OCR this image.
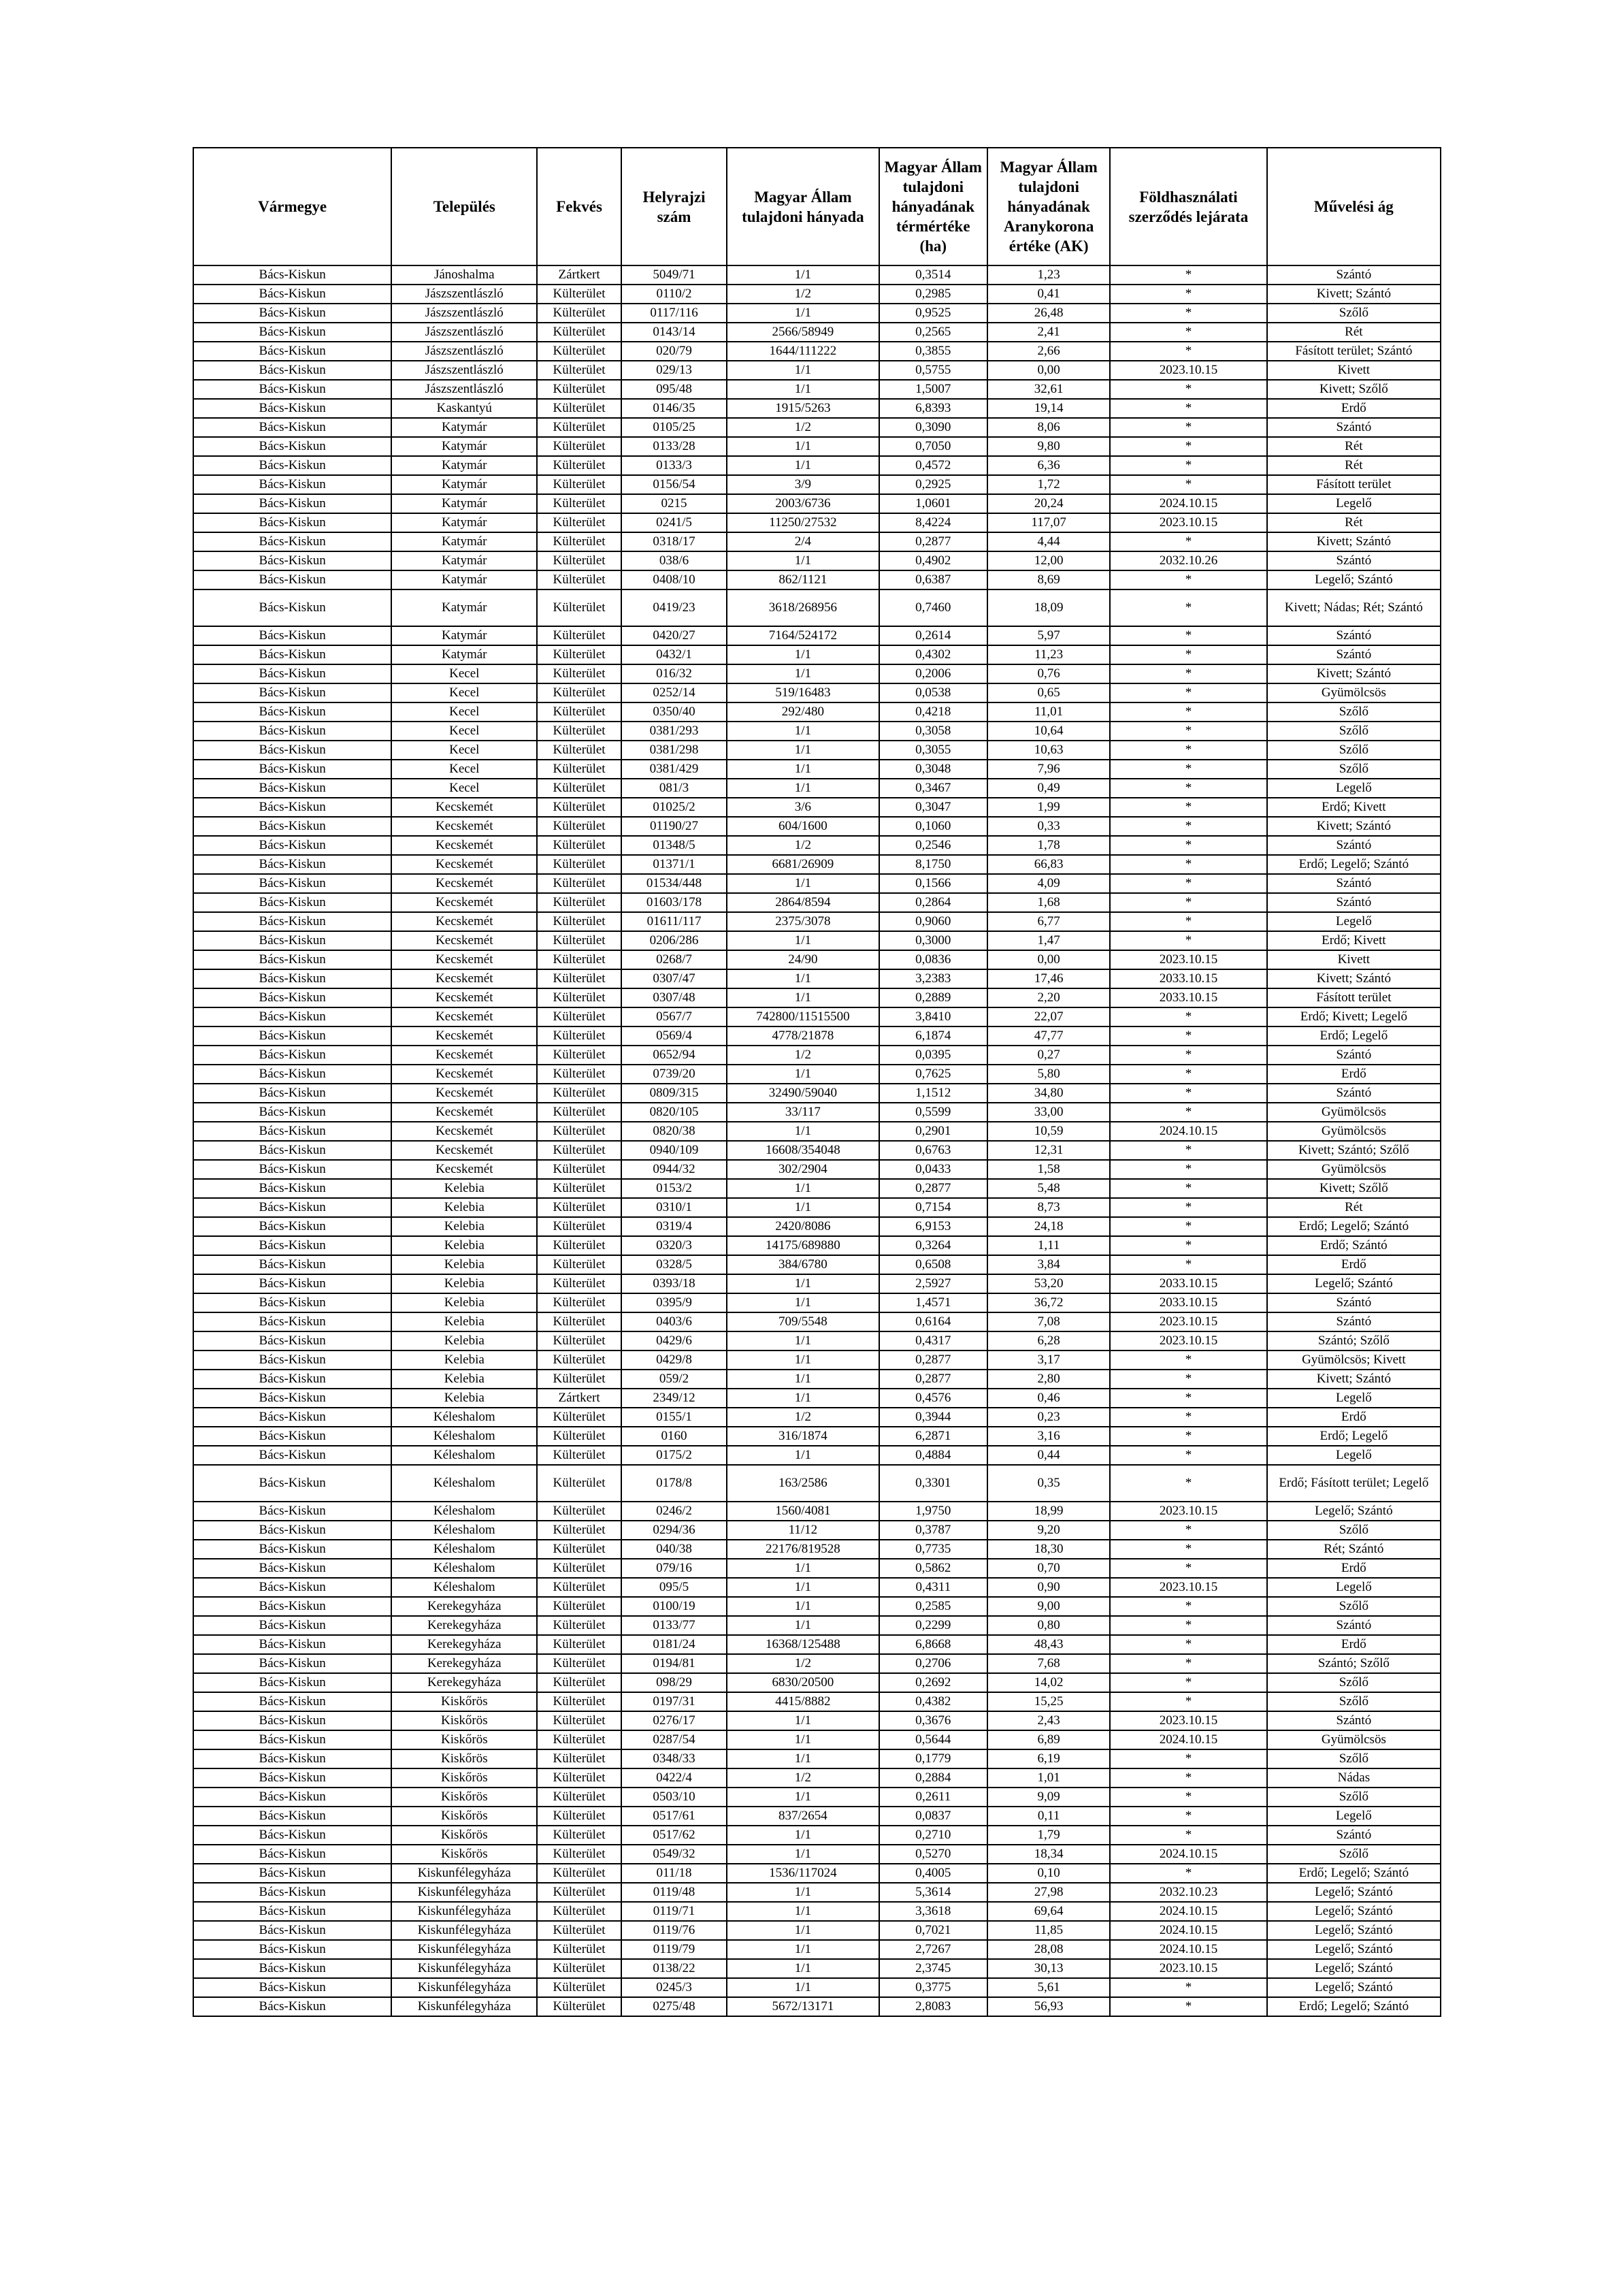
Vármegye	Település	Fekvés	Helyrajzi szám	Magyar Állam tulajdoni hányada	Magyar Állam tulajdoni hányadának térmértéke (ha)	Magyar Állam tulajdoni hányadának Aranykorona értéke (AK)	Földhasználati szerződés lejárata	Művelési ág
Bács-Kiskun	Jánoshalma	Zártkert	5049/71	1/1	0,3514	1,23	*	Szántó
Bács-Kiskun	Jászszentlászló	Külterület	0110/2	1/2	0,2985	0,41	*	Kivett; Szántó
Bács-Kiskun	Jászszentlászló	Külterület	0117/116	1/1	0,9525	26,48	*	Szőlő
Bács-Kiskun	Jászszentlászló	Külterület	0143/14	2566/58949	0,2565	2,41	*	Rét
Bács-Kiskun	Jászszentlászló	Külterület	020/79	1644/111222	0,3855	2,66	*	Fásított terület; Szántó
Bács-Kiskun	Jászszentlászló	Külterület	029/13	1/1	0,5755	0,00	2023.10.15	Kivett
Bács-Kiskun	Jászszentlászló	Külterület	095/48	1/1	1,5007	32,61	*	Kivett; Szőlő
Bács-Kiskun	Kaskantyú	Külterület	0146/35	1915/5263	6,8393	19,14	*	Erdő
Bács-Kiskun	Katymár	Külterület	0105/25	1/2	0,3090	8,06	*	Szántó
Bács-Kiskun	Katymár	Külterület	0133/28	1/1	0,7050	9,80	*	Rét
Bács-Kiskun	Katymár	Külterület	0133/3	1/1	0,4572	6,36	*	Rét
Bács-Kiskun	Katymár	Külterület	0156/54	3/9	0,2925	1,72	*	Fásított terület
Bács-Kiskun	Katymár	Külterület	0215	2003/6736	1,0601	20,24	2024.10.15	Legelő
Bács-Kiskun	Katymár	Külterület	0241/5	11250/27532	8,4224	117,07	2023.10.15	Rét
Bács-Kiskun	Katymár	Külterület	0318/17	2/4	0,2877	4,44	*	Kivett; Szántó
Bács-Kiskun	Katymár	Külterület	038/6	1/1	0,4902	12,00	2032.10.26	Szántó
Bács-Kiskun	Katymár	Külterület	0408/10	862/1121	0,6387	8,69	*	Legelő; Szántó
Bács-Kiskun	Katymár	Külterület	0419/23	3618/268956	0,7460	18,09	*	Kivett; Nádas; Rét; Szántó
Bács-Kiskun	Katymár	Külterület	0420/27	7164/524172	0,2614	5,97	*	Szántó
Bács-Kiskun	Katymár	Külterület	0432/1	1/1	0,4302	11,23	*	Szántó
Bács-Kiskun	Kecel	Külterület	016/32	1/1	0,2006	0,76	*	Kivett; Szántó
Bács-Kiskun	Kecel	Külterület	0252/14	519/16483	0,0538	0,65	*	Gyümölcsös
Bács-Kiskun	Kecel	Külterület	0350/40	292/480	0,4218	11,01	*	Szőlő
Bács-Kiskun	Kecel	Külterület	0381/293	1/1	0,3058	10,64	*	Szőlő
Bács-Kiskun	Kecel	Külterület	0381/298	1/1	0,3055	10,63	*	Szőlő
Bács-Kiskun	Kecel	Külterület	0381/429	1/1	0,3048	7,96	*	Szőlő
Bács-Kiskun	Kecel	Külterület	081/3	1/1	0,3467	0,49	*	Legelő
Bács-Kiskun	Kecskemét	Külterület	01025/2	3/6	0,3047	1,99	*	Erdő; Kivett
Bács-Kiskun	Kecskemét	Külterület	01190/27	604/1600	0,1060	0,33	*	Kivett; Szántó
Bács-Kiskun	Kecskemét	Külterület	01348/5	1/2	0,2546	1,78	*	Szántó
Bács-Kiskun	Kecskemét	Külterület	01371/1	6681/26909	8,1750	66,83	*	Erdő; Legelő; Szántó
Bács-Kiskun	Kecskemét	Külterület	01534/448	1/1	0,1566	4,09	*	Szántó
Bács-Kiskun	Kecskemét	Külterület	01603/178	2864/8594	0,2864	1,68	*	Szántó
Bács-Kiskun	Kecskemét	Külterület	01611/117	2375/3078	0,9060	6,77	*	Legelő
Bács-Kiskun	Kecskemét	Külterület	0206/286	1/1	0,3000	1,47	*	Erdő; Kivett
Bács-Kiskun	Kecskemét	Külterület	0268/7	24/90	0,0836	0,00	2023.10.15	Kivett
Bács-Kiskun	Kecskemét	Külterület	0307/47	1/1	3,2383	17,46	2033.10.15	Kivett; Szántó
Bács-Kiskun	Kecskemét	Külterület	0307/48	1/1	0,2889	2,20	2033.10.15	Fásított terület
Bács-Kiskun	Kecskemét	Külterület	0567/7	742800/11515500	3,8410	22,07	*	Erdő; Kivett; Legelő
Bács-Kiskun	Kecskemét	Külterület	0569/4	4778/21878	6,1874	47,77	*	Erdő; Legelő
Bács-Kiskun	Kecskemét	Külterület	0652/94	1/2	0,0395	0,27	*	Szántó
Bács-Kiskun	Kecskemét	Külterület	0739/20	1/1	0,7625	5,80	*	Erdő
Bács-Kiskun	Kecskemét	Külterület	0809/315	32490/59040	1,1512	34,80	*	Szántó
Bács-Kiskun	Kecskemét	Külterület	0820/105	33/117	0,5599	33,00	*	Gyümölcsös
Bács-Kiskun	Kecskemét	Külterület	0820/38	1/1	0,2901	10,59	2024.10.15	Gyümölcsös
Bács-Kiskun	Kecskemét	Külterület	0940/109	16608/354048	0,6763	12,31	*	Kivett; Szántó; Szőlő
Bács-Kiskun	Kecskemét	Külterület	0944/32	302/2904	0,0433	1,58	*	Gyümölcsös
Bács-Kiskun	Kelebia	Külterület	0153/2	1/1	0,2877	5,48	*	Kivett; Szőlő
Bács-Kiskun	Kelebia	Külterület	0310/1	1/1	0,7154	8,73	*	Rét
Bács-Kiskun	Kelebia	Külterület	0319/4	2420/8086	6,9153	24,18	*	Erdő; Legelő; Szántó
Bács-Kiskun	Kelebia	Külterület	0320/3	14175/689880	0,3264	1,11	*	Erdő; Szántó
Bács-Kiskun	Kelebia	Külterület	0328/5	384/6780	0,6508	3,84	*	Erdő
Bács-Kiskun	Kelebia	Külterület	0393/18	1/1	2,5927	53,20	2033.10.15	Legelő; Szántó
Bács-Kiskun	Kelebia	Külterület	0395/9	1/1	1,4571	36,72	2033.10.15	Szántó
Bács-Kiskun	Kelebia	Külterület	0403/6	709/5548	0,6164	7,08	2023.10.15	Szántó
Bács-Kiskun	Kelebia	Külterület	0429/6	1/1	0,4317	6,28	2023.10.15	Szántó; Szőlő
Bács-Kiskun	Kelebia	Külterület	0429/8	1/1	0,2877	3,17	*	Gyümölcsös; Kivett
Bács-Kiskun	Kelebia	Külterület	059/2	1/1	0,2877	2,80	*	Kivett; Szántó
Bács-Kiskun	Kelebia	Zártkert	2349/12	1/1	0,4576	0,46	*	Legelő
Bács-Kiskun	Kéleshalom	Külterület	0155/1	1/2	0,3944	0,23	*	Erdő
Bács-Kiskun	Kéleshalom	Külterület	0160	316/1874	6,2871	3,16	*	Erdő; Legelő
Bács-Kiskun	Kéleshalom	Külterület	0175/2	1/1	0,4884	0,44	*	Legelő
Bács-Kiskun	Kéleshalom	Külterület	0178/8	163/2586	0,3301	0,35	*	Erdő; Fásított terület; Legelő
Bács-Kiskun	Kéleshalom	Külterület	0246/2	1560/4081	1,9750	18,99	2023.10.15	Legelő; Szántó
Bács-Kiskun	Kéleshalom	Külterület	0294/36	11/12	0,3787	9,20	*	Szőlő
Bács-Kiskun	Kéleshalom	Külterület	040/38	22176/819528	0,7735	18,30	*	Rét; Szántó
Bács-Kiskun	Kéleshalom	Külterület	079/16	1/1	0,5862	0,70	*	Erdő
Bács-Kiskun	Kéleshalom	Külterület	095/5	1/1	0,4311	0,90	2023.10.15	Legelő
Bács-Kiskun	Kerekegyháza	Külterület	0100/19	1/1	0,2585	9,00	*	Szőlő
Bács-Kiskun	Kerekegyháza	Külterület	0133/77	1/1	0,2299	0,80	*	Szántó
Bács-Kiskun	Kerekegyháza	Külterület	0181/24	16368/125488	6,8668	48,43	*	Erdő
Bács-Kiskun	Kerekegyháza	Külterület	0194/81	1/2	0,2706	7,68	*	Szántó; Szőlő
Bács-Kiskun	Kerekegyháza	Külterület	098/29	6830/20500	0,2692	14,02	*	Szőlő
Bács-Kiskun	Kiskőrös	Külterület	0197/31	4415/8882	0,4382	15,25	*	Szőlő
Bács-Kiskun	Kiskőrös	Külterület	0276/17	1/1	0,3676	2,43	2023.10.15	Szántó
Bács-Kiskun	Kiskőrös	Külterület	0287/54	1/1	0,5644	6,89	2024.10.15	Gyümölcsös
Bács-Kiskun	Kiskőrös	Külterület	0348/33	1/1	0,1779	6,19	*	Szőlő
Bács-Kiskun	Kiskőrös	Külterület	0422/4	1/2	0,2884	1,01	*	Nádas
Bács-Kiskun	Kiskőrös	Külterület	0503/10	1/1	0,2611	9,09	*	Szőlő
Bács-Kiskun	Kiskőrös	Külterület	0517/61	837/2654	0,0837	0,11	*	Legelő
Bács-Kiskun	Kiskőrös	Külterület	0517/62	1/1	0,2710	1,79	*	Szántó
Bács-Kiskun	Kiskőrös	Külterület	0549/32	1/1	0,5270	18,34	2024.10.15	Szőlő
Bács-Kiskun	Kiskunfélegyháza	Külterület	011/18	1536/117024	0,4005	0,10	*	Erdő; Legelő; Szántó
Bács-Kiskun	Kiskunfélegyháza	Külterület	0119/48	1/1	5,3614	27,98	2032.10.23	Legelő; Szántó
Bács-Kiskun	Kiskunfélegyháza	Külterület	0119/71	1/1	3,3618	69,64	2024.10.15	Legelő; Szántó
Bács-Kiskun	Kiskunfélegyháza	Külterület	0119/76	1/1	0,7021	11,85	2024.10.15	Legelő; Szántó
Bács-Kiskun	Kiskunfélegyháza	Külterület	0119/79	1/1	2,7267	28,08	2024.10.15	Legelő; Szántó
Bács-Kiskun	Kiskunfélegyháza	Külterület	0138/22	1/1	2,3745	30,13	2023.10.15	Legelő; Szántó
Bács-Kiskun	Kiskunfélegyháza	Külterület	0245/3	1/1	0,3775	5,61	*	Legelő; Szántó
Bács-Kiskun	Kiskunfélegyháza	Külterület	0275/48	5672/13171	2,8083	56,93	*	Erdő; Legelő; Szántó
